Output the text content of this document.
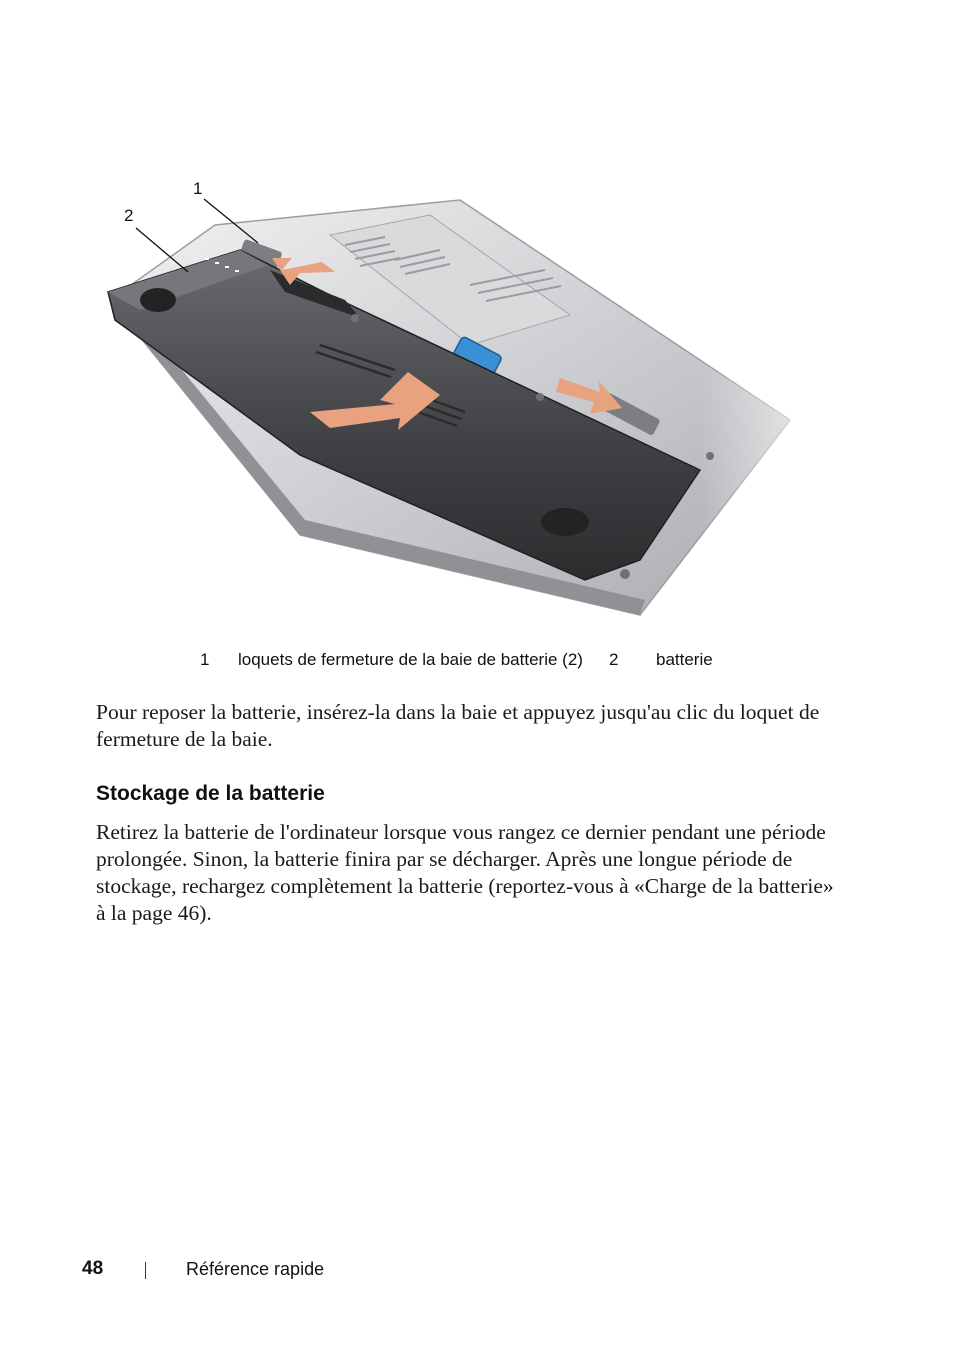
1
2
1 loquets de fermeture de la baie de batterie (2) 2 batterie

Pour reposer la batterie, insérez-la dans la baie et appuyez jusqu'au clic du loquet de fermeture de la baie.

Stockage de la batterie

Retirez la batterie de l'ordinateur lorsque vous rangez ce dernier pendant une période prolongée. Sinon, la batterie finira par se décharger. Après une longue période de stockage, rechargez complètement la batterie (reportez-vous à «Charge de la batterie» à la page 46).

48	Référence rapide
